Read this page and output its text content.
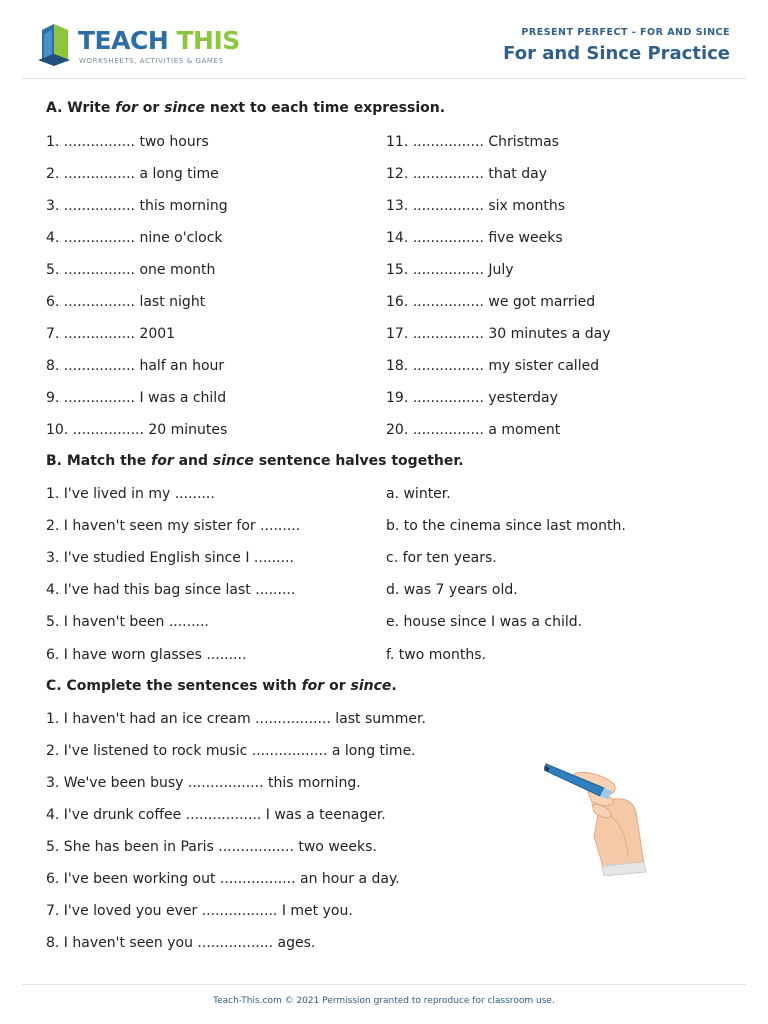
TEACH THIS
WORKSHEETS, ACTIVITIES & GAMES
PRESENT PERFECT - FOR AND SINCE
For and Since Practice
A. Write for or since next to each time expression.
1. ................ two hours
2. ................ a long time
3. ................ this morning
4. ................ nine o'clock
5. ................ one month
6. ................ last night
7. ................ 2001
8. ................ half an hour
9. ................ I was a child
10. ................ 20 minutes
11. ................ Christmas
12. ................ that day
13. ................ six months
14. ................ five weeks
15. ................ July
16. ................ we got married
17. ................ 30 minutes a day
18. ................ my sister called
19. ................ yesterday
20. ................ a moment
B. Match the for and since sentence halves together.
1. I've lived in my .........
2. I haven't seen my sister for .........
3. I've studied English since I .........
4. I've had this bag since last .........
5. I haven't been .........
6. I have worn glasses .........
a. winter.
b. to the cinema since last month.
c. for ten years.
d. was 7 years old.
e. house since I was a child.
f. two months.
C. Complete the sentences with for or since.
1. I haven't had an ice cream ................. last summer.
2. I've listened to rock music ................. a long time.
3. We've been busy ................. this morning.
4. I've drunk coffee ................. I was a teenager.
5. She has been in Paris ................. two weeks.
6. I've been working out ................. an hour a day.
7. I've loved you ever ................. I met you.
8. I haven't seen you ................. ages.
Teach-This.com © 2021 Permission granted to reproduce for classroom use.
